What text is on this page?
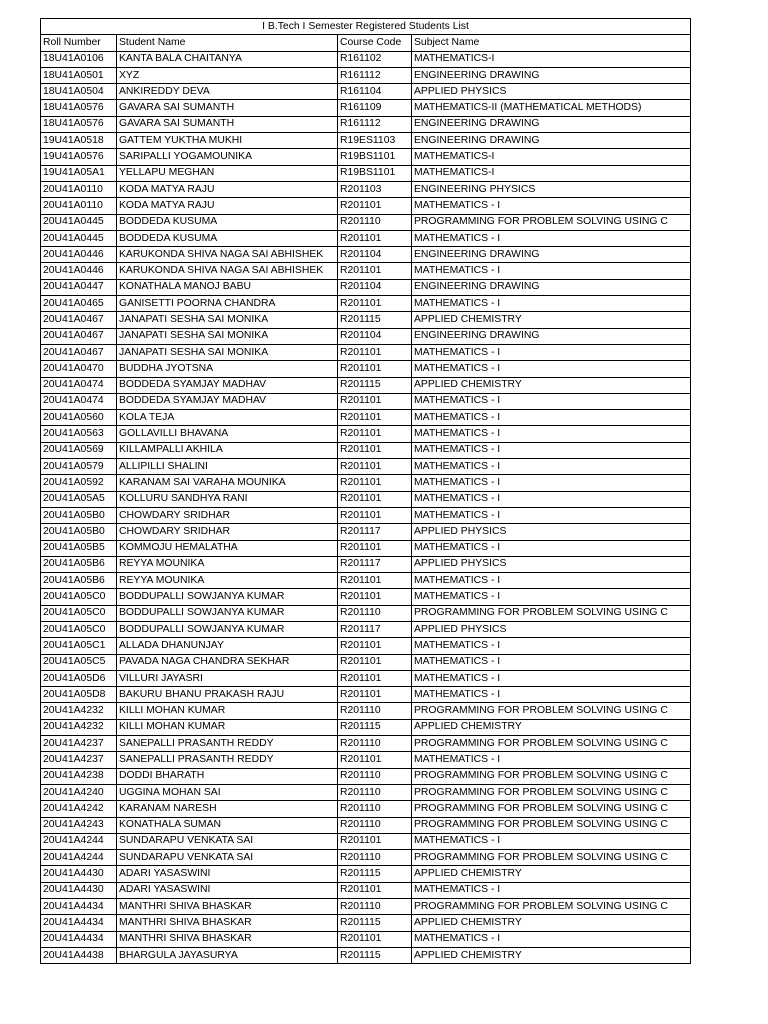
I B.Tech I Semester Registered Students List			
Roll Number	Student Name	Course Code	Subject Name
18U41A0106	KANTA BALA CHAITANYA	R161102	MATHEMATICS-I
18U41A0501	XYZ	R161112	ENGINEERING DRAWING
18U41A0504	ANKIREDDY DEVA	R161104	APPLIED PHYSICS
18U41A0576	GAVARA SAI SUMANTH	R161109	MATHEMATICS-II (MATHEMATICAL METHODS)
18U41A0576	GAVARA SAI SUMANTH	R161112	ENGINEERING DRAWING
19U41A0518	GATTEM YUKTHA MUKHI	R19ES1103	ENGINEERING DRAWING
19U41A0576	SARIPALLI YOGAMOUNIKA	R19BS1101	MATHEMATICS-I
19U41A05A1	YELLAPU MEGHAN	R19BS1101	MATHEMATICS-I
20U41A0110	KODA MATYA RAJU	R201103	ENGINEERING PHYSICS
20U41A0110	KODA MATYA RAJU	R201101	MATHEMATICS - I
20U41A0445	BODDEDA KUSUMA	R201110	PROGRAMMING FOR PROBLEM SOLVING USING C
20U41A0445	BODDEDA KUSUMA	R201101	MATHEMATICS - I
20U41A0446	KARUKONDA SHIVA NAGA SAI ABHISHEK	R201104	ENGINEERING DRAWING
20U41A0446	KARUKONDA SHIVA NAGA SAI ABHISHEK	R201101	MATHEMATICS - I
20U41A0447	KONATHALA MANOJ BABU	R201104	ENGINEERING DRAWING
20U41A0465	GANISETTI POORNA CHANDRA	R201101	MATHEMATICS - I
20U41A0467	JANAPATI SESHA SAI MONIKA	R201115	APPLIED CHEMISTRY
20U41A0467	JANAPATI SESHA SAI MONIKA	R201104	ENGINEERING DRAWING
20U41A0467	JANAPATI SESHA SAI MONIKA	R201101	MATHEMATICS - I
20U41A0470	BUDDHA JYOTSNA	R201101	MATHEMATICS - I
20U41A0474	BODDEDA SYAMJAY MADHAV	R201115	APPLIED CHEMISTRY
20U41A0474	BODDEDA SYAMJAY MADHAV	R201101	MATHEMATICS - I
20U41A0560	KOLA TEJA	R201101	MATHEMATICS - I
20U41A0563	GOLLAVILLI BHAVANA	R201101	MATHEMATICS - I
20U41A0569	KILLAMPALLI AKHILA	R201101	MATHEMATICS - I
20U41A0579	ALLIPILLI SHALINI	R201101	MATHEMATICS - I
20U41A0592	KARANAM SAI VARAHA MOUNIKA	R201101	MATHEMATICS - I
20U41A05A5	KOLLURU SANDHYA RANI	R201101	MATHEMATICS - I
20U41A05B0	CHOWDARY SRIDHAR	R201101	MATHEMATICS - I
20U41A05B0	CHOWDARY SRIDHAR	R201117	APPLIED PHYSICS
20U41A05B5	KOMMOJU HEMALATHA	R201101	MATHEMATICS - I
20U41A05B6	REYYA MOUNIKA	R201117	APPLIED PHYSICS
20U41A05B6	REYYA MOUNIKA	R201101	MATHEMATICS - I
20U41A05C0	BODDUPALLI SOWJANYA KUMAR	R201101	MATHEMATICS - I
20U41A05C0	BODDUPALLI SOWJANYA KUMAR	R201110	PROGRAMMING FOR PROBLEM SOLVING USING C
20U41A05C0	BODDUPALLI SOWJANYA KUMAR	R201117	APPLIED PHYSICS
20U41A05C1	ALLADA DHANUNJAY	R201101	MATHEMATICS - I
20U41A05C5	PAVADA NAGA CHANDRA SEKHAR	R201101	MATHEMATICS - I
20U41A05D6	VILLURI JAYASRI	R201101	MATHEMATICS - I
20U41A05D8	BAKURU BHANU PRAKASH RAJU	R201101	MATHEMATICS - I
20U41A4232	KILLI MOHAN KUMAR	R201110	PROGRAMMING FOR PROBLEM SOLVING USING C
20U41A4232	KILLI MOHAN KUMAR	R201115	APPLIED CHEMISTRY
20U41A4237	SANEPALLI PRASANTH REDDY	R201110	PROGRAMMING FOR PROBLEM SOLVING USING C
20U41A4237	SANEPALLI PRASANTH REDDY	R201101	MATHEMATICS - I
20U41A4238	DODDI BHARATH	R201110	PROGRAMMING FOR PROBLEM SOLVING USING C
20U41A4240	UGGINA MOHAN SAI	R201110	PROGRAMMING FOR PROBLEM SOLVING USING C
20U41A4242	KARANAM NARESH	R201110	PROGRAMMING FOR PROBLEM SOLVING USING C
20U41A4243	KONATHALA SUMAN	R201110	PROGRAMMING FOR PROBLEM SOLVING USING C
20U41A4244	SUNDARAPU VENKATA SAI	R201101	MATHEMATICS - I
20U41A4244	SUNDARAPU VENKATA SAI	R201110	PROGRAMMING FOR PROBLEM SOLVING USING C
20U41A4430	ADARI YASASWINI	R201115	APPLIED CHEMISTRY
20U41A4430	ADARI YASASWINI	R201101	MATHEMATICS - I
20U41A4434	MANTHRI SHIVA BHASKAR	R201110	PROGRAMMING FOR PROBLEM SOLVING USING C
20U41A4434	MANTHRI SHIVA BHASKAR	R201115	APPLIED CHEMISTRY
20U41A4434	MANTHRI SHIVA BHASKAR	R201101	MATHEMATICS - I
20U41A4438	BHARGULA JAYASURYA	R201115	APPLIED CHEMISTRY
